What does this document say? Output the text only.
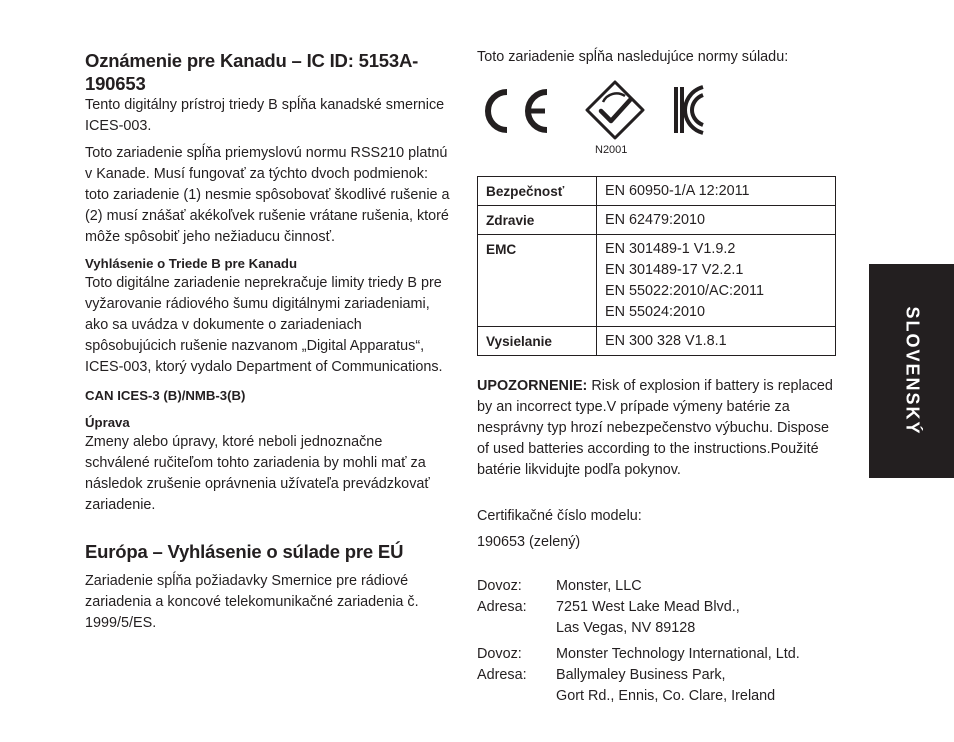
Oznámenie pre Kanadu – IC ID: 5153A-190653

Tento digitálny prístroj triedy B spĺňa kanadské smernice ICES-003.

Toto zariadenie spĺňa priemyslovú normu RSS210 platnú v Kanade. Musí fungovať za týchto dvoch podmienok: toto zariadenie (1) nesmie spôsobovať škodlivé rušenie a (2) musí znášať akékoľvek rušenie vrátane rušenia, ktoré môže spôsobiť jeho nežiaducu činnosť.

Vyhlásenie o Triede B pre Kanadu

Toto digitálne zariadenie neprekračuje limity triedy B pre vyžarovanie rádiového šumu digitálnymi zariadeniami, ako sa uvádza v dokumente o zariadeniach spôsobujúcich rušenie nazvanom „Digital Apparatus“, ICES-003, ktorý vydalo Department of Communications.

CAN ICES-3 (B)/NMB-3(B)
Úprava

Zmeny alebo úpravy, ktoré neboli jednoznačne schválené ručiteľom tohto zariadenia by mohli mať za následok zrušenie oprávnenia užívateľa prevádzkovať zariadenie.

Európa – Vyhlásenie o súlade pre EÚ

Zariadenie spĺňa požiadavky Smernice pre rádiové zariadenia a koncové telekomunikačné zariadenia č. 1999/5/ES.

Toto zariadenie spĺňa nasledujúce normy súladu:

N2001
Bezpečnosť	EN 60950-1/A 12:2011
Zdravie	EN 62479:2010
EMC	EN 301489-1 V1.9.2
EN 301489-17 V2.2.1
EN 55022:2010/AC:2011
EN 55024:2010
Vysielanie	EN 300 328 V1.8.1

UPOZORNENIE: Risk of explosion if battery is replaced by an incorrect type.V prípade výmeny batérie za nesprávny typ hrozí nebezpečenstvo výbuchu. Dispose of used batteries according to the instructions.Použité batérie likvidujte podľa pokynov.

Certifikačné číslo modelu:

190653 (zelený)

Dovoz:	Monster, LLC
Adresa:	7251 West Lake Mead Blvd.,
Las Vegas, NV 89128
Dovoz:	Monster Technology International, Ltd.
Adresa:	Ballymaley Business Park,
Gort Rd., Ennis, Co. Clare, Ireland
SLOVENSKÝ
